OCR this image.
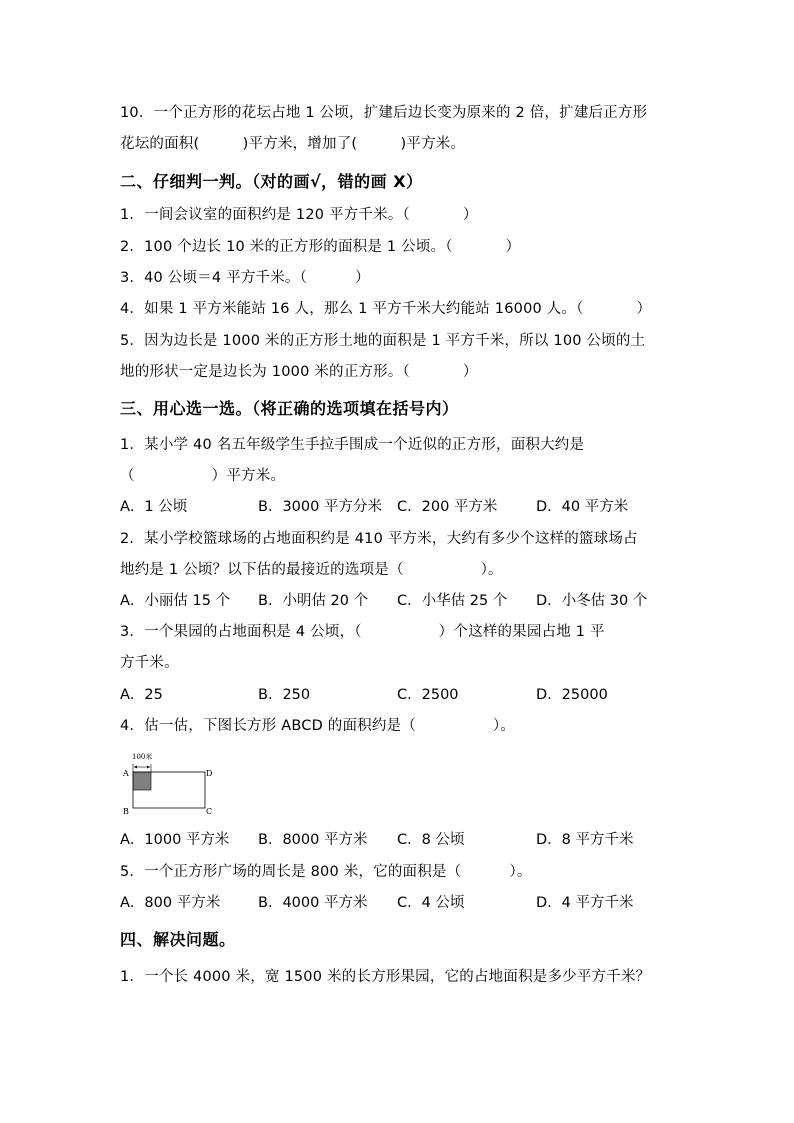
10．一个正方形的花坛占地 1 公顷，扩建后边长变为原来的 2 倍，扩建后正方形
花坛的面积(         )平方米，增加了(         )平方米。
二、仔细判一判。（对的画√，错的画 X）
1．一间会议室的面积约是 120 平方千米。（           ）
2．100 个边长 10 米的正方形的面积是 1 公顷。（           ）
3．40 公顷＝4 平方千米。（          ）
4．如果 1 平方米能站 16 人，那么 1 平方千米大约能站 16000 人。（           ）
5．因为边长是 1000 米的正方形土地的面积是 1 平方千米，所以 100 公顷的土
地的形状一定是边长为 1000 米的正方形。（           ）
三、用心选一选。（将正确的选项填在括号内）
1．某小学 40 名五年级学生手拉手围成一个近似的正方形，面积大约是
（                ）平方米。
A．1 公顷	B．3000 平方分米 C．200 平方米	D．40 平方米
2．某小学校篮球场的占地面积约是 410 平方米，大约有多少个这样的篮球场占
地约是 1 公顷？以下估的最接近的选项是（                ）。
A．小丽估 15 个 B．小明估 20 个 C．小华估 25 个 D．小冬估 30 个
3．一个果园的占地面积是 4 公顷，（                ）个这样的果园占地 1 平
方千米。
A．25	B．250	C．2500	D．25000
4．估一估，下图长方形 ABCD 的面积约是（                ）。
100米
A	D
B	C
A．1000 平方米 B．8000 平方米 C．8 公顷	D．8 平方千米
5．一个正方形广场的周长是 800 米，它的面积是（          ）。
A．800 平方米	B．4000 平方米 C．4 公顷	D．4 平方千米
四、解决问题。
1．一个长 4000 米，宽 1500 米的长方形果园，它的占地面积是多少平方千米？
